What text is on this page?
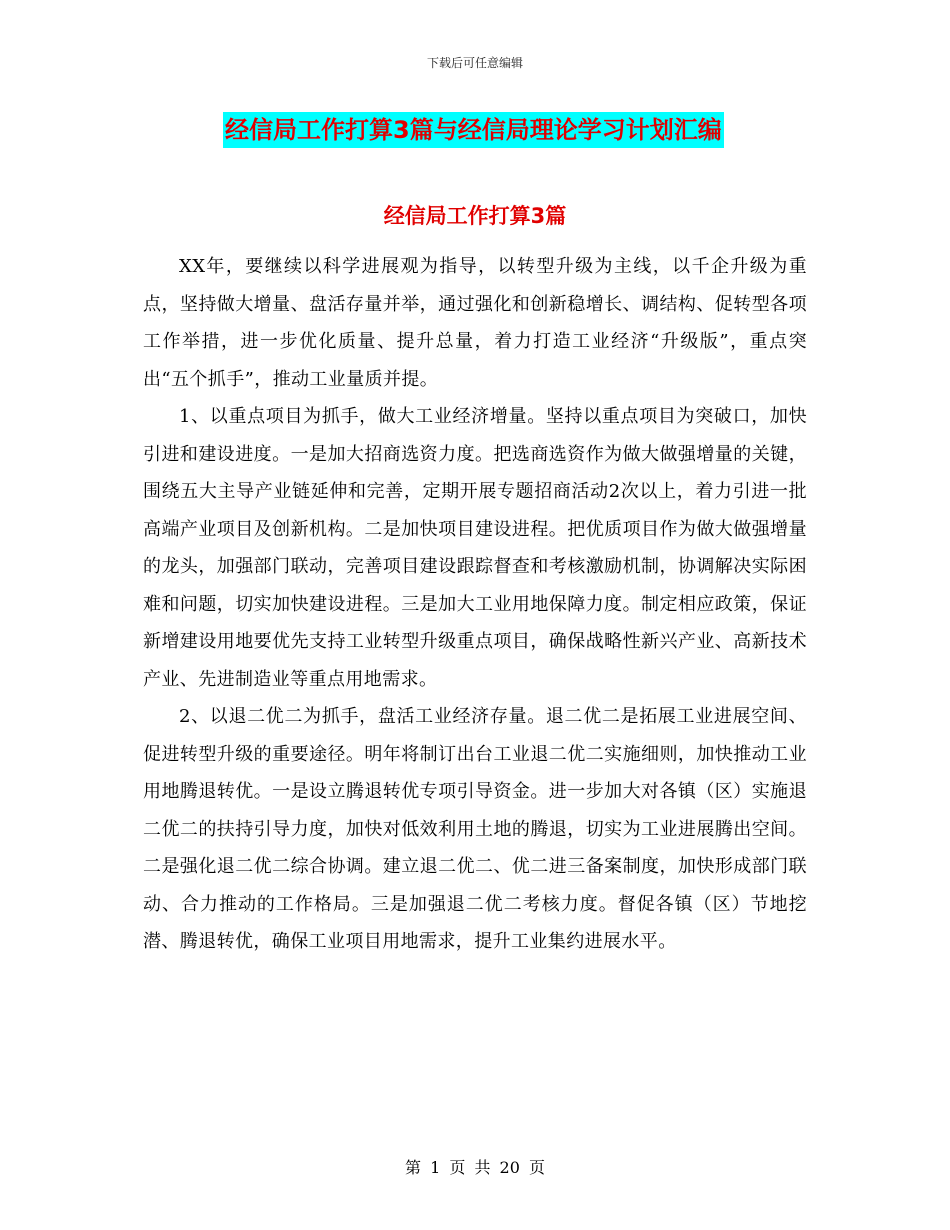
下载后可任意编辑
经信局工作打算3篇与经信局理论学习计划汇编
经信局工作打算3篇

XX年，要继续以科学进展观为指导，以转型升级为主线，以千企升级为重点，坚持做大增量、盘活存量并举，通过强化和创新稳增长、调结构、促转型各项工作举措，进一步优化质量、提升总量，着力打造工业经济“升级版”，重点突出“五个抓手”，推动工业量质并提。

1、以重点项目为抓手，做大工业经济增量。坚持以重点项目为突破口，加快引进和建设进度。一是加大招商选资力度。把选商选资作为做大做强增量的关键，围绕五大主导产业链延伸和完善，定期开展专题招商活动2次以上，着力引进一批高端产业项目及创新机构。二是加快项目建设进程。把优质项目作为做大做强增量的龙头，加强部门联动，完善项目建设跟踪督查和考核激励机制，协调解决实际困难和问题，切实加快建设进程。三是加大工业用地保障力度。制定相应政策，保证新增建设用地要优先支持工业转型升级重点项目，确保战略性新兴产业、高新技术产业、先进制造业等重点用地需求。

2、以退二优二为抓手，盘活工业经济存量。退二优二是拓展工业进展空间、促进转型升级的重要途径。明年将制订出台工业退二优二实施细则，加快推动工业用地腾退转优。一是设立腾退转优专项引导资金。进一步加大对各镇（区）实施退二优二的扶持引导力度，加快对低效利用土地的腾退，切实为工业进展腾出空间。二是强化退二优二综合协调。建立退二优二、优二进三备案制度，加快形成部门联动、合力推动的工作格局。三是加强退二优二考核力度。督促各镇（区）节地挖潜、腾退转优，确保工业项目用地需求，提升工业集约进展水平。

第 1 页 共 20 页
